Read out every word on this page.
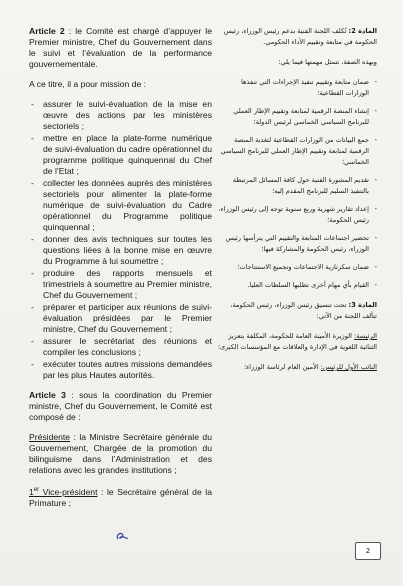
Article 2 : le Comité est chargé d’appuyer le Premier ministre, Chef du Gouvernement dans le suivi et l’évaluation de la performance gouvernementale.

A ce titre, il a pour mission de :

- assurer le suivi-évaluation de la mise en œuvre des actions par les ministères sectoriels ;
- mettre en place la plate-forme numérique de suivi-évaluation du cadre opérationnel du programme politique quinquennal du Chef de l’Etat ;
- collecter les données auprès des ministères sectoriels pour alimenter la plate-forme numérique de suivi-évaluation du Cadre opérationnel du Programme politique quinquennal ;
- donner des avis techniques sur toutes les questions liées à la bonne mise en œuvre du Programme à lui soumettre ;
- produire des rapports mensuels et trimestriels à soumettre au Premier ministre, Chef du Gouvernement ;
- préparer et participer aux réunions de suivi-évaluation présidées par le Premier ministre, Chef du Gouvernement ;
- assurer le secrétariat des réunions et compiler les conclusions ;
- exécuter toutes autres missions demandées par les plus Hautes autorités.

Article 3 : sous la coordination du Premier ministre, Chef du Gouvernement, le Comité est composé de :

Présidente : la Ministre Secrétaire générale du Gouvernement, Chargée de la promotion du bilinguisme dans l’Administration et des relations avec les grandes institutions ;

1er Vice-président : le Secrétaire général de la Primature ;

المادة 2: تُكلف اللجنة الفنية بدعم رئيس الوزراء، رئيس الحكومة في متابعة وتقييم الأداء الحكومي.

وبهذه الصفة، تتمثل مهمتها فيما يلي:

- ضمان متابعة وتقييم تنفيذ الإجراءات التي تنفذها الوزارات القطاعية؛
- إنشاء المنصة الرقمية لمتابعة وتقييم الإطار العملي للبرنامج السياسي الخماسي لرئيس الدولة؛
- جمع البيانات من الوزارات القطاعية لتغذية المنصة الرقمية لمتابعة وتقييم الإطار العملي للبرنامج السياسي الخماسي؛
- تقديم المشورة الفنية حول كافة المسائل المرتبطة بالتنفيذ السليم للبرنامج المقدم إليه؛
- إعداد تقارير شهرية وربع سنوية توجه إلى رئيس الوزراء، رئيس الحكومة؛
- تحضير اجتماعات المتابعة والتقييم التي يترأسها رئيس الوزراء، رئيس الحكومة والمشاركة فيها؛
- ضمان سكرتارية الاجتماعات وتجميع الاستنتاجات؛
- القيام بأي مهام أخرى تطلبها السلطات العليا.

المادة 3: تحت تنسيق رئيس الوزراء، رئيس الحكومة، تتألف اللجنة من الآتي:

الرئيسة: الوزيرة الأمينة العامة للحكومة، المكلفة بتعزيز الثنائية اللغوية في الإدارة والعلاقات مع المؤسسات الكبرى؛

النائب الأول للرئيس: الأمين العام لرئاسة الوزراء؛

2
